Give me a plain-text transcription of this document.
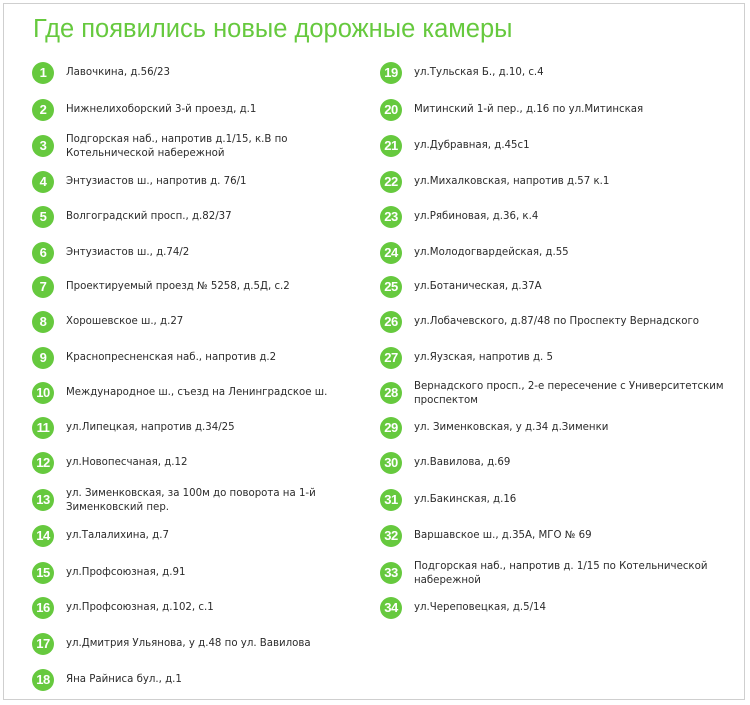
Где появились новые дорожные камеры
1	Лавочкина, д.56/23
2	Нижнелихоборский 3-й проезд, д.1
3	Подгорская наб., напротив д.1/15, к.В по Котельнической набережной
4	Энтузиастов ш., напротив д. 76/1
5	Волгоградский просп., д.82/37
6	Энтузиастов ш., д.74/2
7	Проектируемый проезд № 5258, д.5Д, с.2
8	Хорошевское ш., д.27
9	Краснопресненская наб., напротив д.2
10	Международное ш., съезд на Ленинградское ш.
11	ул.Липецкая, напротив д.34/25
12	ул.Новопесчаная, д.12
13	ул. Зименковская, за 100м до поворота на 1-й Зименковский пер.
14	ул.Талалихина, д.7
15	ул.Профсоюзная, д.91
16	ул.Профсоюзная, д.102, с.1
17	ул.Дмитрия Ульянова, у д.48 по ул. Вавилова
18	Яна Райниса бул., д.1
19	ул.Тульская Б., д.10, с.4
20	Митинский 1-й пер., д.16 по ул.Митинская
21	ул.Дубравная, д.45с1
22	ул.Михалковская, напротив д.57 к.1
23	ул.Рябиновая, д.36, к.4
24	ул.Молодогвардейская, д.55
25	ул.Ботаническая, д.37А
26	ул.Лобачевского, д.87/48 по Проспекту Вернадского
27	ул.Яузская, напротив д. 5
28	Вернадского просп., 2-е пересечение с Университетским проспектом
29	ул. Зименковская, у д.34 д.Зименки
30	ул.Вавилова, д.69
31	ул.Бакинская, д.16
32	Варшавское ш., д.35А, МГО № 69
33	Подгорская наб., напротив д. 1/15 по Котельнической набережной
34	ул.Череповецкая, д.5/14
